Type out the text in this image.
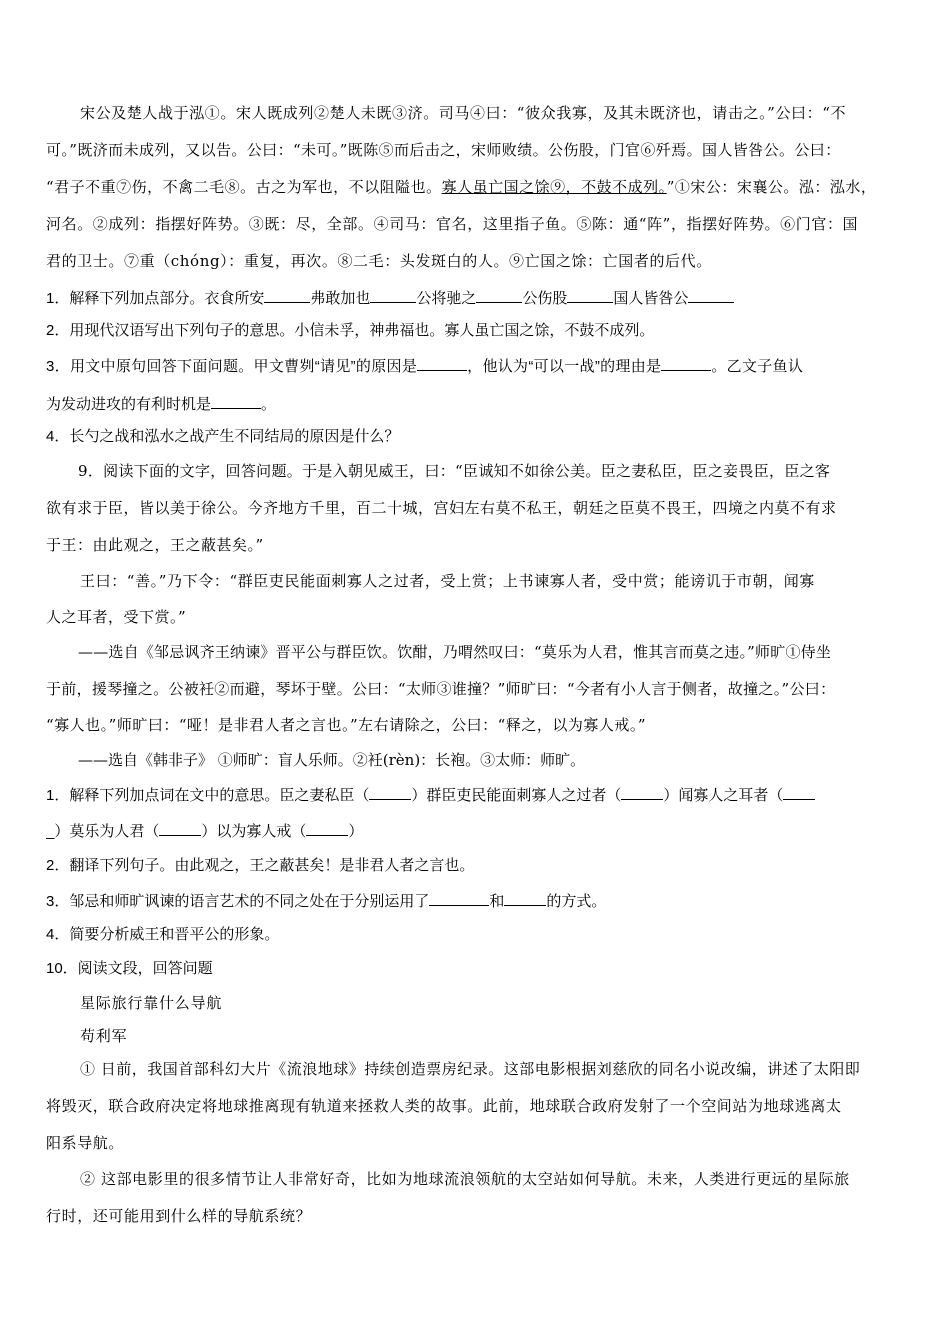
宋公及楚人战于泓①。宋人既成列②楚人未既③济。司马④曰：“彼众我寡，及其未既济也，请击之。”公曰：“不
可。”既济而未成列，又以告。公曰：“未可。”既陈⑤而后击之，宋师败绩。公伤股，门官⑥歼焉。国人皆咎公。公曰：
“君子不重⑦伤，不禽二毛⑧。古之为军也，不以阻隘也。寡人虽亡国之馀⑨，不鼓不成列。”①宋公：宋襄公。泓：泓水，
河名。②成列：指摆好阵势。③既：尽，全部。④司马：官名，这里指子鱼。⑤陈：通“阵”，指摆好阵势。⑥门官：国
君的卫士。⑦重（chóng）：重复，再次。⑧二毛：头发斑白的人。⑨亡国之馀：亡国者的后代。
1．解释下列加点部分。衣食所安	弗敢加也	公将驰之	公伤股	国人皆咎公
2．用现代汉语写出下列句子的意思。小信未孚，神弗福也。寡人虽亡国之馀，不鼓不成列。
3．用文中原句回答下面问题。甲文曹刿“请见”的原因是	，他认为“可以一战”的理由是	。乙文子鱼认
为发动进攻的有利时机是	。
4．长勺之战和泓水之战产生不同结局的原因是什么？
9．阅读下面的文字，回答问题。于是入朝见威王，曰：“臣诚知不如徐公美。臣之妻私臣，臣之妾畏臣，臣之客
欲有求于臣，皆以美于徐公。今齐地方千里，百二十城，宫妇左右莫不私王，朝廷之臣莫不畏王，四境之内莫不有求
于王：由此观之，王之蔽甚矣。”
王曰：“善。”乃下令：“群臣吏民能面刺寡人之过者，受上赏；上书谏寡人者，受中赏；能谤讥于市朝，闻寡
人之耳者，受下赏。”
——选自《邹忌讽齐王纳谏》晋平公与群臣饮。饮酣，乃喟然叹曰：“莫乐为人君，惟其言而莫之违。”师旷①侍坐
于前，援琴撞之。公被衽②而避，琴坏于壁。公曰：“太师③谁撞？”师旷曰：“今者有小人言于侧者，故撞之。”公曰：
“寡人也。”师旷曰：“哑！是非君人者之言也。”左右请除之，公曰：“释之，以为寡人戒。”
——选自《韩非子》 ①师旷：盲人乐师。②衽(rèn)：长袍。③太师：师旷。
1．解释下列加点词在文中的意思。臣之妻私臣（	）群臣吏民能面刺寡人之过者（	）闻寡人之耳者（
_）莫乐为人君（	）以为寡人戒（	）
2．翻译下列句子。由此观之，王之蔽甚矣！是非君人者之言也。
3．邹忌和师旷讽谏的语言艺术的不同之处在于分别运用了	和	的方式。
4．简要分析威王和晋平公的形象。
10．阅读文段，回答问题
星际旅行靠什么导航
苟利军
① 日前，我国首部科幻大片《流浪地球》持续创造票房纪录。这部电影根据刘慈欣的同名小说改编，讲述了太阳即
将毁灭，联合政府决定将地球推离现有轨道来拯救人类的故事。此前，地球联合政府发射了一个空间站为地球逃离太
阳系导航。
② 这部电影里的很多情节让人非常好奇，比如为地球流浪领航的太空站如何导航。未来，人类进行更远的星际旅
行时，还可能用到什么样的导航系统？
